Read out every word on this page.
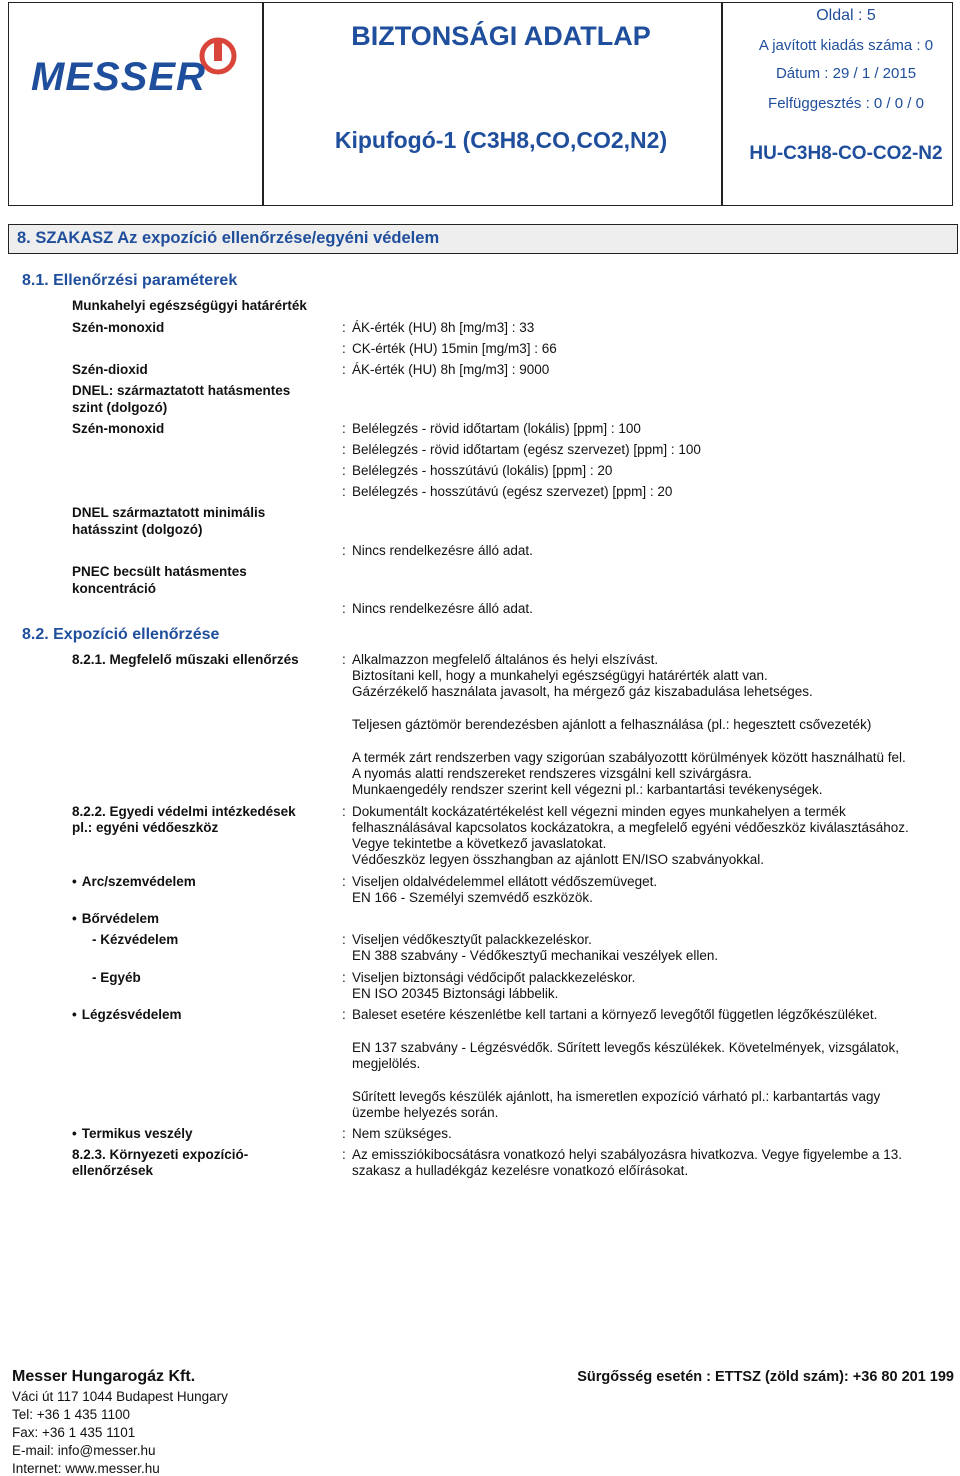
MESSER
BIZTONSÁGI ADATLAP
Kipufogó-1 (C3H8,CO,CO2,N2)
Oldal : 5
A javított kiadás száma : 0
Dátum : 29 / 1 / 2015
Felfüggesztés : 0 / 0 / 0
HU-C3H8-CO-CO2-N2
8. SZAKASZ Az expozíció ellenőrzése/egyéni védelem
8.1. Ellenőrzési paraméterek
Munkahelyi egészségügyi határérték
Szén-monoxid	: ÁK-érték (HU) 8h [mg/m3] : 33
: CK-érték (HU) 15min [mg/m3] : 66
Szén-dioxid	: ÁK-érték (HU) 8h [mg/m3] : 9000
DNEL: származtatott hatásmentes
szint (dolgozó)
Szén-monoxid	: Belélegzés - rövid időtartam (lokális) [ppm] : 100
: Belélegzés - rövid időtartam (egész szervezet) [ppm] : 100
: Belélegzés - hosszútávú (lokális) [ppm] : 20
: Belélegzés - hosszútávú (egész szervezet) [ppm] : 20
DNEL származtatott minimális
hatásszint (dolgozó)
: Nincs rendelkezésre álló adat.
PNEC becsült hatásmentes
koncentráció
: Nincs rendelkezésre álló adat.
8.2. Expozíció ellenőrzése
8.2.1. Megfelelő műszaki ellenőrzés	: Alkalmazzon megfelelő általános és helyi elszívást.
Biztosítani kell, hogy a munkahelyi egészségügyi határérték alatt van.
Gázérzékelő használata javasolt, ha mérgező gáz kiszabadulása lehetséges.
Teljesen gáztömör berendezésben ajánlott a felhasználása (pl.: hegesztett csővezeték)
A termék zárt rendszerben vagy szigorúan szabályozottt körülmények között használhatü fel.
A nyomás alatti rendszereket rendszeres vizsgálni kell szivárgásra.
Munkaengedély rendszer szerint kell végezni pl.: karbantartási tevékenységek.
8.2.2. Egyedi védelmi intézkedések
pl.: egyéni védőeszköz
: Dokumentált kockázatértékelést kell végezni minden egyes munkahelyen a termék
felhasználásával kapcsolatos kockázatokra, a megfelelő egyéni védőeszköz kiválasztásához.
Vegye tekintetbe a következő javaslatokat.
Védőeszköz legyen összhangban az ajánlott EN/ISO szabványokkal.
• Arc/szemvédelem	: Viseljen oldalvédelemmel ellátott védőszemüveget.
EN 166 - Személyi szemvédő eszközök.
• Bőrvédelem
- Kézvédelem	: Viseljen védőkesztyűt palackkezeléskor.
EN 388 szabvány - Védőkesztyű mechanikai veszélyek ellen.
- Egyéb	: Viseljen biztonsági védőcipőt palackkezeléskor.
EN ISO 20345 Biztonsági lábbelik.
• Légzésvédelem	: Baleset esetére készenlétbe kell tartani a környező levegőtől független légzőkészüléket.
EN 137 szabvány - Légzésvédők. Sűrített levegős készülékek. Követelmények, vizsgálatok,
megjelölés.
Sűrített levegős készülék ajánlott, ha ismeretlen expozíció várható pl.: karbantartás vagy
üzembe helyezés során.
• Termikus veszély	: Nem szükséges.
8.2.3. Környezeti expozíció-
ellenőrzések
: Az emissziókibocsátásra vonatkozó helyi szabályozásra hivatkozva. Vegye figyelembe a 13.
szakasz a hulladékgáz kezelésre vonatkozó előírásokat.
Messer Hungarogáz Kft.
Váci út 117 1044 Budapest Hungary
Tel: +36 1 435 1100
Fax: +36 1 435 1101
E-mail: info@messer.hu
Internet: www.messer.hu
Sürgősség esetén : ETTSZ (zöld szám): +36 80 201 199
